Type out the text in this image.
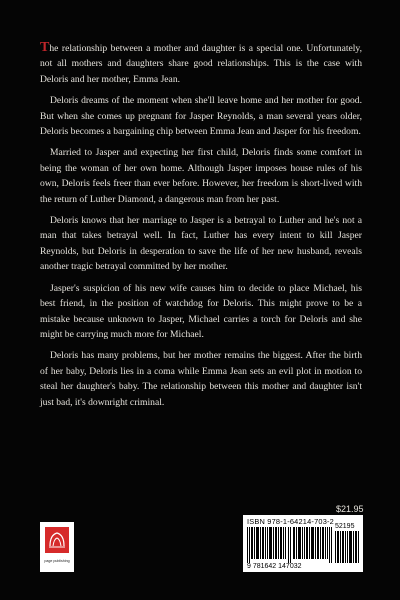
The relationship between a mother and daughter is a special one. Unfortunately, not all mothers and daughters share good relationships. This is the case with Deloris and her mother, Emma Jean.

Deloris dreams of the moment when she'll leave home and her mother for good. But when she comes up pregnant for Jasper Reynolds, a man several years older, Deloris becomes a bargaining chip between Emma Jean and Jasper for his freedom.

Married to Jasper and expecting her first child, Deloris finds some comfort in being the woman of her own home. Although Jasper imposes house rules of his own, Deloris feels freer than ever before. However, her freedom is short-lived with the return of Luther Diamond, a dangerous man from her past.

Deloris knows that her marriage to Jasper is a betrayal to Luther and he's not a man that takes betrayal well. In fact, Luther has every intent to kill Jasper Reynolds, but Deloris in desperation to save the life of her new husband, reveals another tragic betrayal committed by her mother.

Jasper's suspicion of his new wife causes him to decide to place Michael, his best friend, in the position of watchdog for Deloris. This might prove to be a mistake because unknown to Jasper, Michael carries a torch for Deloris and she might be carrying much more for Michael.

Deloris has many problems, but her mother remains the biggest. After the birth of her baby, Deloris lies in a coma while Emma Jean sets an evil plot in motion to steal her daughter's baby. The relationship between this mother and daughter isn't just bad, it's downright criminal.

$21.95
ISBN 978-1-64214-703-2
52195
9 781642 147032
page publishing
